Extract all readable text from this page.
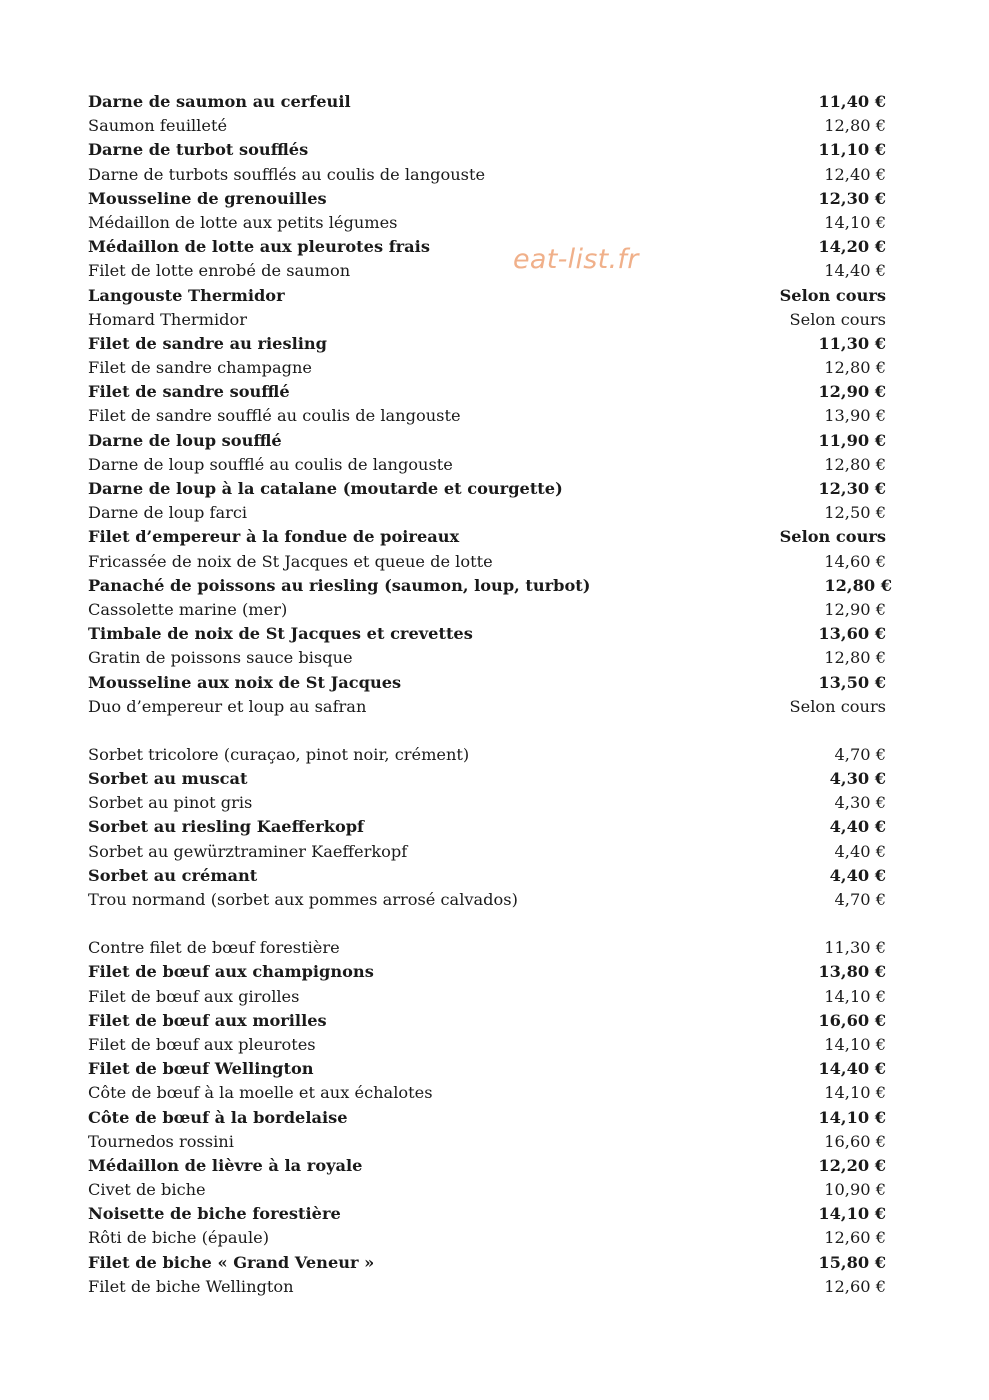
eat-list.fr
Darne de saumon au cerfeuil	11,40 €
Saumon feuilleté	12,80 €
Darne de turbot soufflés	11,10 €
Darne de turbots soufflés au coulis de langouste	12,40 €
Mousseline de grenouilles	12,30 €
Médaillon de lotte aux petits légumes	14,10 €
Médaillon de lotte aux pleurotes frais	14,20 €
Filet de lotte enrobé de saumon	14,40 €
Langouste Thermidor	Selon cours
Homard Thermidor	Selon cours
Filet de sandre au riesling	11,30 €
Filet de sandre champagne	12,80 €
Filet de sandre soufflé	12,90 €
Filet de sandre soufflé au coulis de langouste	13,90 €
Darne de loup soufflé	11,90 €
Darne de loup soufflé au coulis de langouste	12,80 €
Darne de loup à la catalane (moutarde et courgette)	12,30 €
Darne de loup farci	12,50 €
Filet d’empereur à la fondue de poireaux	Selon cours
Fricassée de noix de St Jacques et queue de lotte	14,60 €
Panaché de poissons au riesling (saumon, loup, turbot)	12,80 €
Cassolette marine (mer)	12,90 €
Timbale de noix de St Jacques et crevettes	13,60 €
Gratin de poissons sauce bisque	12,80 €
Mousseline aux noix de St Jacques	13,50 €
Duo d’empereur et loup au safran	Selon cours
Sorbet tricolore (curaçao, pinot noir, crément)	4,70 €
Sorbet au muscat	4,30 €
Sorbet au pinot gris	4,30 €
Sorbet au riesling Kaefferkopf	4,40 €
Sorbet au gewürztraminer Kaefferkopf	4,40 €
Sorbet au crémant	4,40 €
Trou normand (sorbet aux pommes arrosé calvados)	4,70 €
Contre filet de bœuf forestière	11,30 €
Filet de bœuf aux champignons	13,80 €
Filet de bœuf aux girolles	14,10 €
Filet de bœuf aux morilles	16,60 €
Filet de bœuf aux pleurotes	14,10 €
Filet de bœuf Wellington	14,40 €
Côte de bœuf à la moelle et aux échalotes	14,10 €
Côte de bœuf à la bordelaise	14,10 €
Tournedos rossini	16,60 €
Médaillon de lièvre à la royale	12,20 €
Civet de biche	10,90 €
Noisette de biche forestière	14,10 €
Rôti de biche (épaule)	12,60 €
Filet de biche « Grand Veneur »	15,80 €
Filet de biche Wellington	12,60 €
